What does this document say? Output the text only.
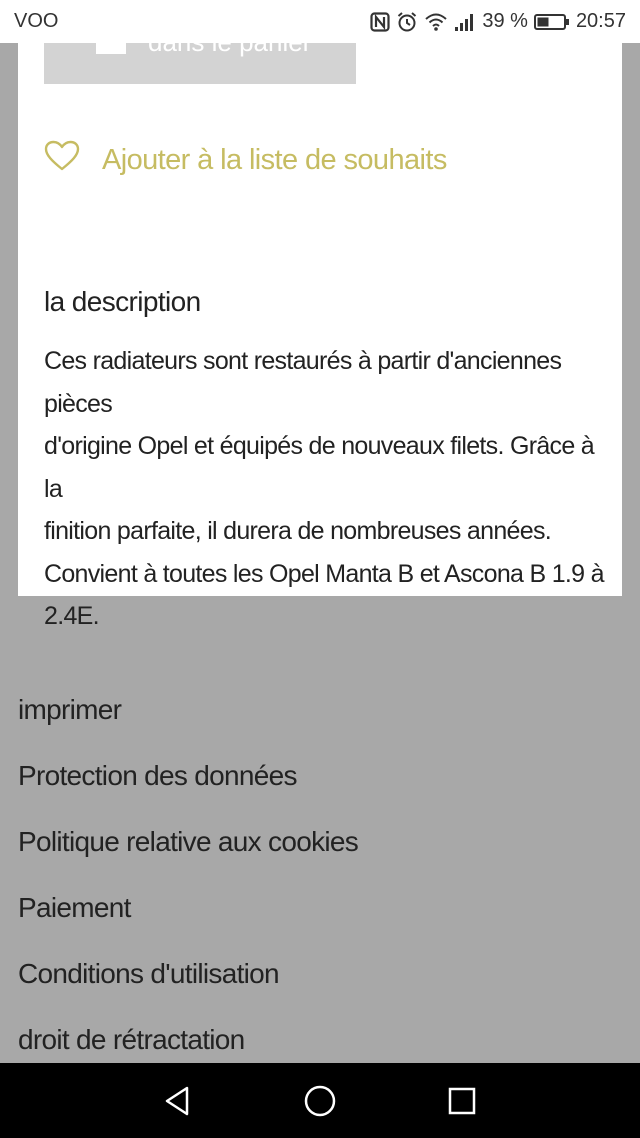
VOO	39 % 20:57
Ajouter à la liste de souhaits
la description
Ces radiateurs sont restaurés à partir d'anciennes pièces
d'origine Opel et équipés de nouveaux filets. Grâce à la
finition parfaite, il durera de nombreuses années.
Convient à toutes les Opel Manta B et Ascona B 1.9 à
2.4E.
imprimer
Protection des données
Politique relative aux cookies
Paiement
Conditions d'utilisation
droit de rétractation
